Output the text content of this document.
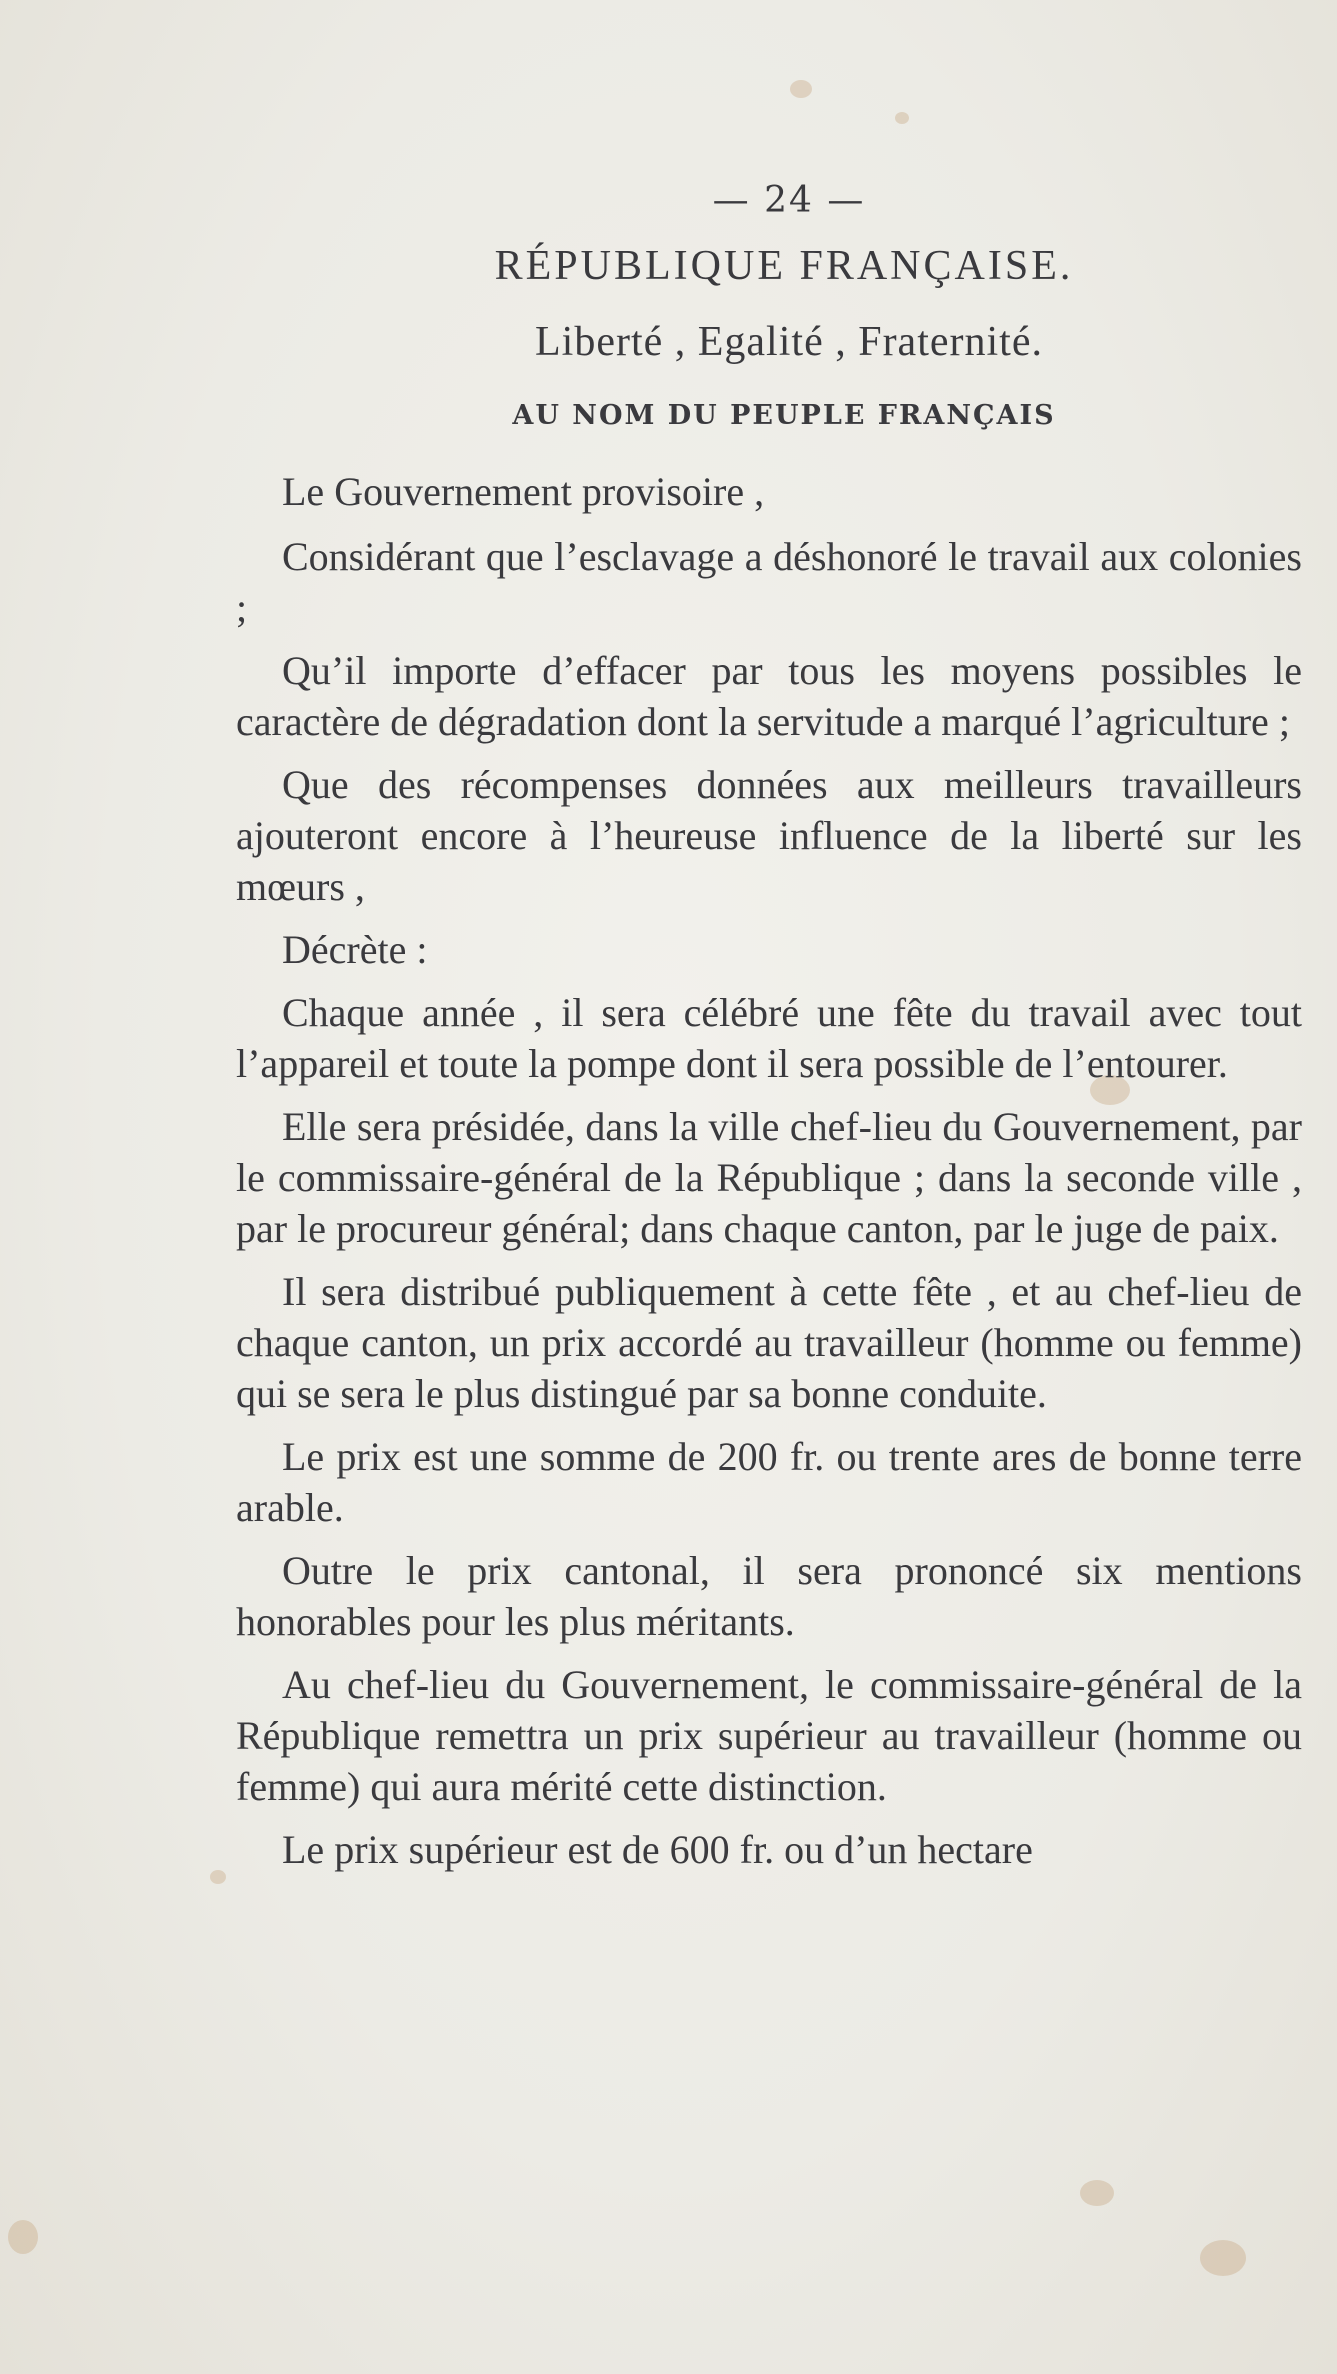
— 24 —
RÉPUBLIQUE FRANÇAISE.
Liberté , Egalité , Fraternité.
AU NOM DU PEUPLE FRANÇAIS

Le Gouvernement provisoire ,

Considérant que l’esclavage a déshonoré le travail aux colonies ;

Qu’il importe d’effacer par tous les moyens possibles le caractère de dégradation dont la servitude a marqué l’agriculture ;

Que des récompenses données aux meilleurs travailleurs ajouteront encore à l’heureuse influence de la liberté sur les mœurs ,

Décrète :

Chaque année , il sera célébré une fête du travail avec tout l’appareil et toute la pompe dont il sera possible de l’entourer.

Elle sera présidée, dans la ville chef-lieu du Gouvernement, par le commissaire-général de la République ; dans la seconde ville , par le procureur général; dans chaque canton, par le juge de paix.

Il sera distribué publiquement à cette fête , et au chef-lieu de chaque canton, un prix accordé au travailleur (homme ou femme) qui se sera le plus distingué par sa bonne conduite.

Le prix est une somme de 200 fr. ou trente ares de bonne terre arable.

Outre le prix cantonal, il sera prononcé six mentions honorables pour les plus méritants.

Au chef-lieu du Gouvernement, le commissaire-général de la République remettra un prix supérieur au travailleur (homme ou femme) qui aura mérité cette distinction.

Le prix supérieur est de 600 fr. ou d’un hectare
